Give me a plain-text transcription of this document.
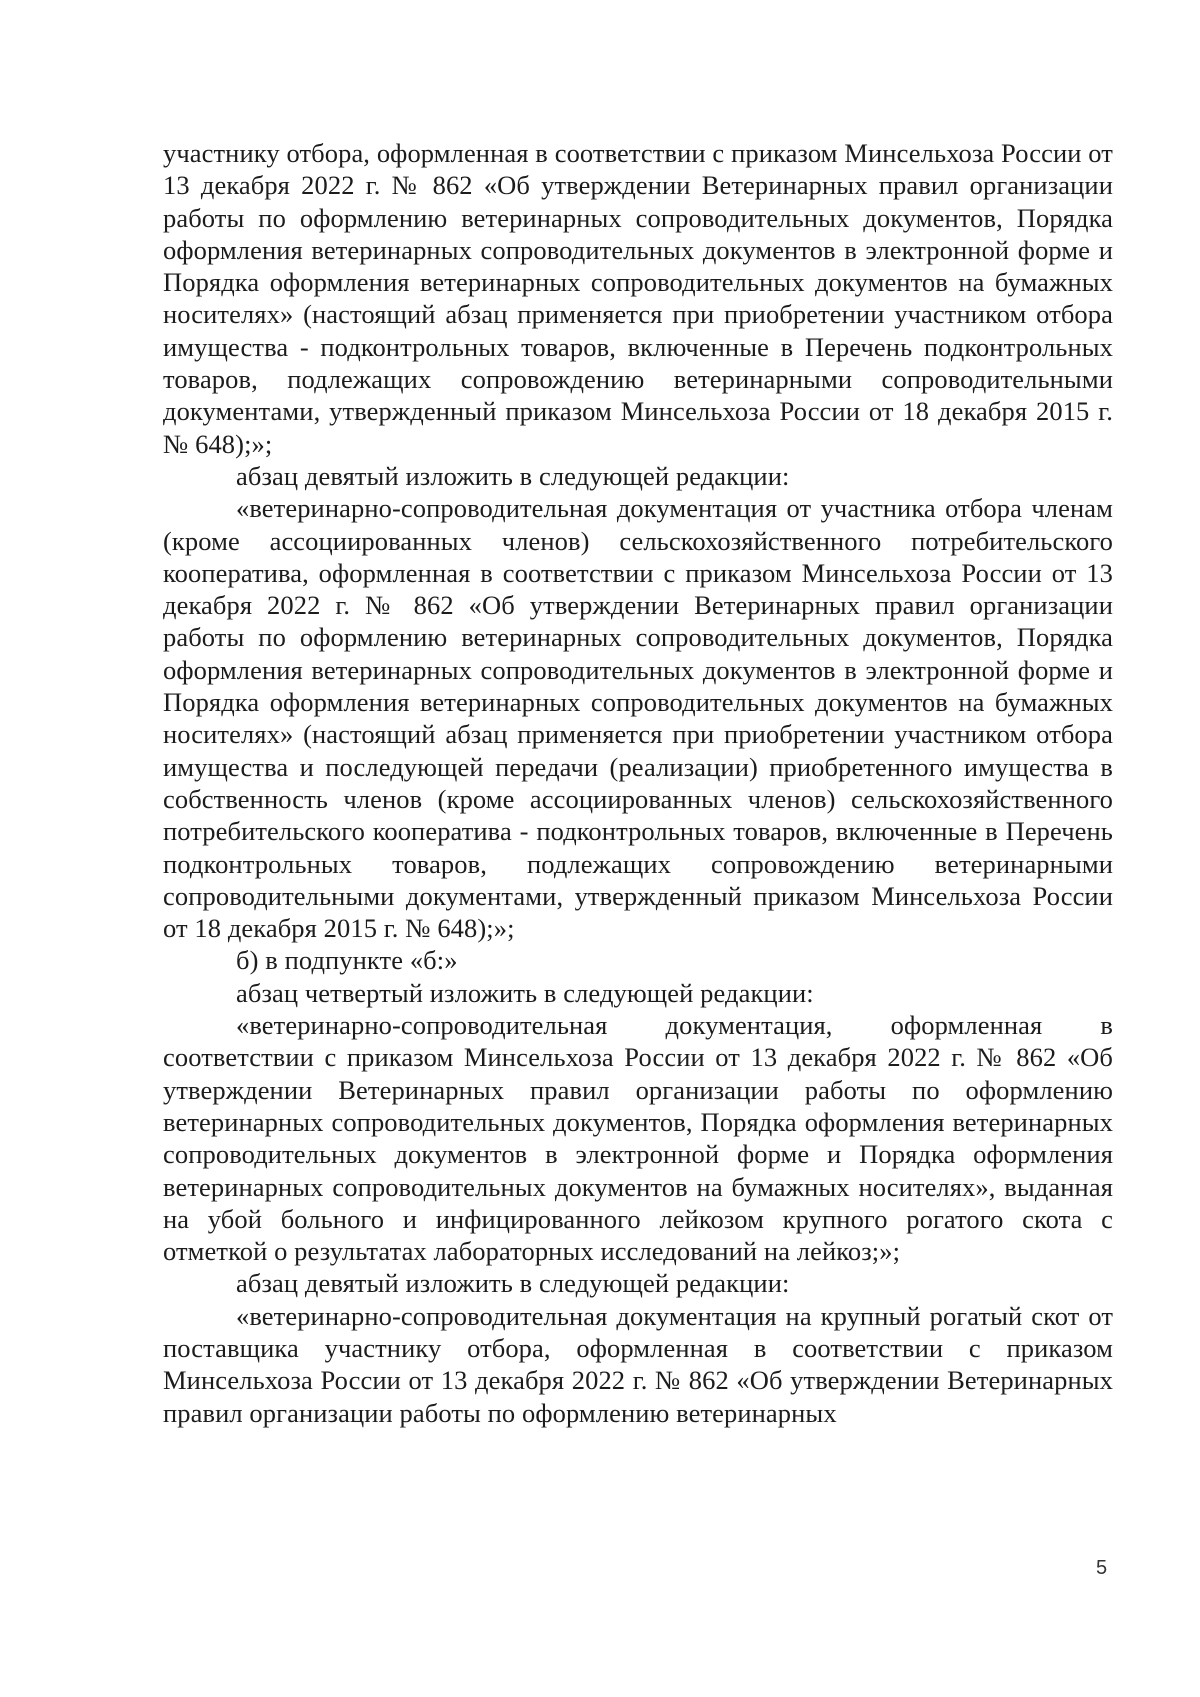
участнику отбора, оформленная в соответствии с приказом Минсельхоза России от 13 декабря 2022 г. № 862 «Об утверждении Ветеринарных правил организации работы по оформлению ветеринарных сопроводительных документов, Порядка оформления ветеринарных сопроводительных документов в электронной форме и Порядка оформления ветеринарных сопроводительных документов на бумажных носителях» (настоящий абзац применяется при приобретении участником отбора имущества - подконтрольных товаров, включенные в Перечень подконтрольных товаров, подлежащих сопровождению ветеринарными сопроводительными документами, утвержденный приказом Минсельхоза России от 18 декабря 2015 г. № 648);»;

абзац девятый изложить в следующей редакции:

«ветеринарно-сопроводительная документация от участника отбора членам (кроме ассоциированных членов) сельскохозяйственного потребительского кооператива, оформленная в соответствии с приказом Минсельхоза России от 13 декабря 2022 г. № 862 «Об утверждении Ветеринарных правил организации работы по оформлению ветеринарных сопроводительных документов, Порядка оформления ветеринарных сопроводительных документов в электронной форме и Порядка оформления ветеринарных сопроводительных документов на бумажных носителях» (настоящий абзац применяется при приобретении участником отбора имущества и последующей передачи (реализации) приобретенного имущества в собственность членов (кроме ассоциированных членов) сельскохозяйственного потребительского кооператива - подконтрольных товаров, включенные в Перечень подконтрольных товаров, подлежащих сопровождению ветеринарными сопроводительными документами, утвержденный приказом Минсельхоза России от 18 декабря 2015 г. № 648);»;

б) в подпункте «б:»

абзац четвертый изложить в следующей редакции:

«ветеринарно-сопроводительная документация, оформленная в соответствии с приказом Минсельхоза России от 13 декабря 2022 г. № 862 «Об утверждении Ветеринарных правил организации работы по оформлению ветеринарных сопроводительных документов, Порядка оформления ветеринарных сопроводительных документов в электронной форме и Порядка оформления ветеринарных сопроводительных документов на бумажных носителях», выданная на убой больного и инфицированного лейкозом крупного рогатого скота с отметкой о результатах лабораторных исследований на лейкоз;»;

абзац девятый изложить в следующей редакции:

«ветеринарно-сопроводительная документация на крупный рогатый скот от поставщика участнику отбора, оформленная в соответствии с приказом Минсельхоза России от 13 декабря 2022 г. № 862 «Об утверждении Ветеринарных правил организации работы по оформлению ветеринарных

5
